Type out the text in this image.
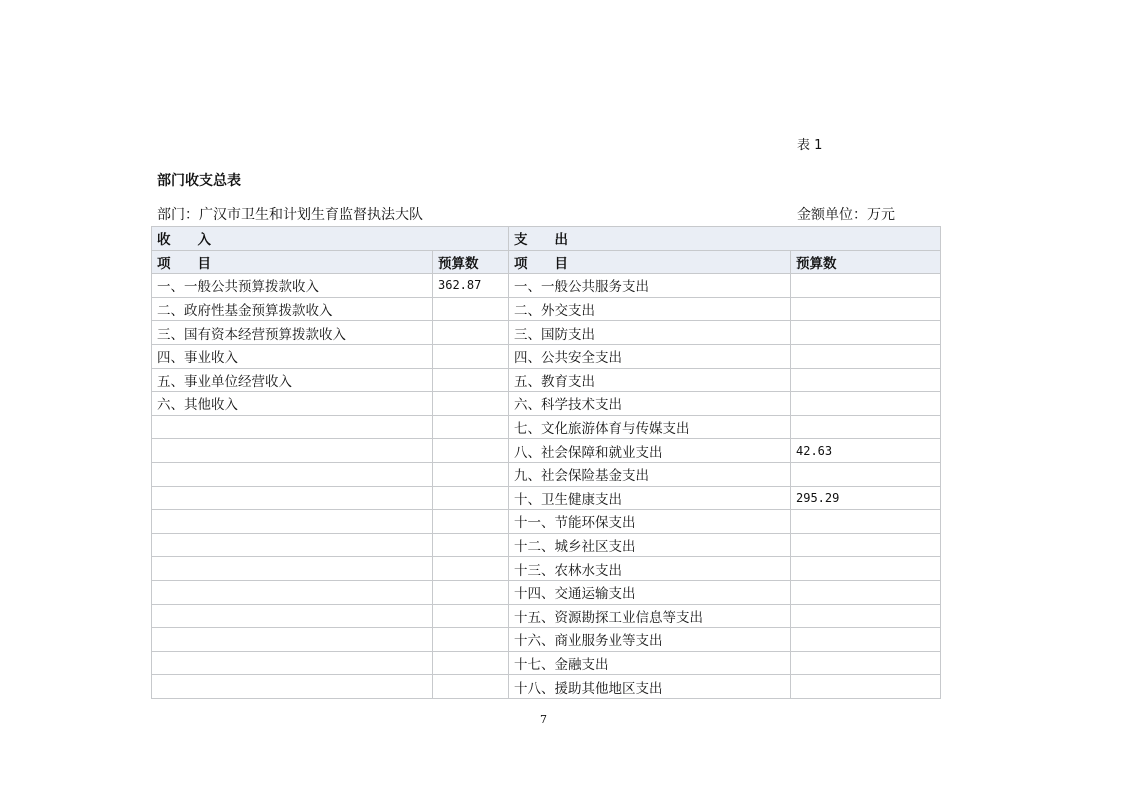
表 1
部门收支总表
部门：广汉市卫生和计划生育监督执法大队	金额单位：万元
收　　入		支　　出	
项　　目	预算数	项　　目	预算数
一、一般公共预算拨款收入	362.87	一、一般公共服务支出	
二、政府性基金预算拨款收入		二、外交支出	
三、国有资本经营预算拨款收入		三、国防支出	
四、事业收入		四、公共安全支出	
五、事业单位经营收入		五、教育支出	
六、其他收入		六、科学技术支出	
		七、文化旅游体育与传媒支出	
		八、社会保障和就业支出	42.63
		九、社会保险基金支出	
		十、卫生健康支出	295.29
		十一、节能环保支出	
		十二、城乡社区支出	
		十三、农林水支出	
		十四、交通运输支出	
		十五、资源勘探工业信息等支出	
		十六、商业服务业等支出	
		十七、金融支出	
		十八、援助其他地区支出	
7
